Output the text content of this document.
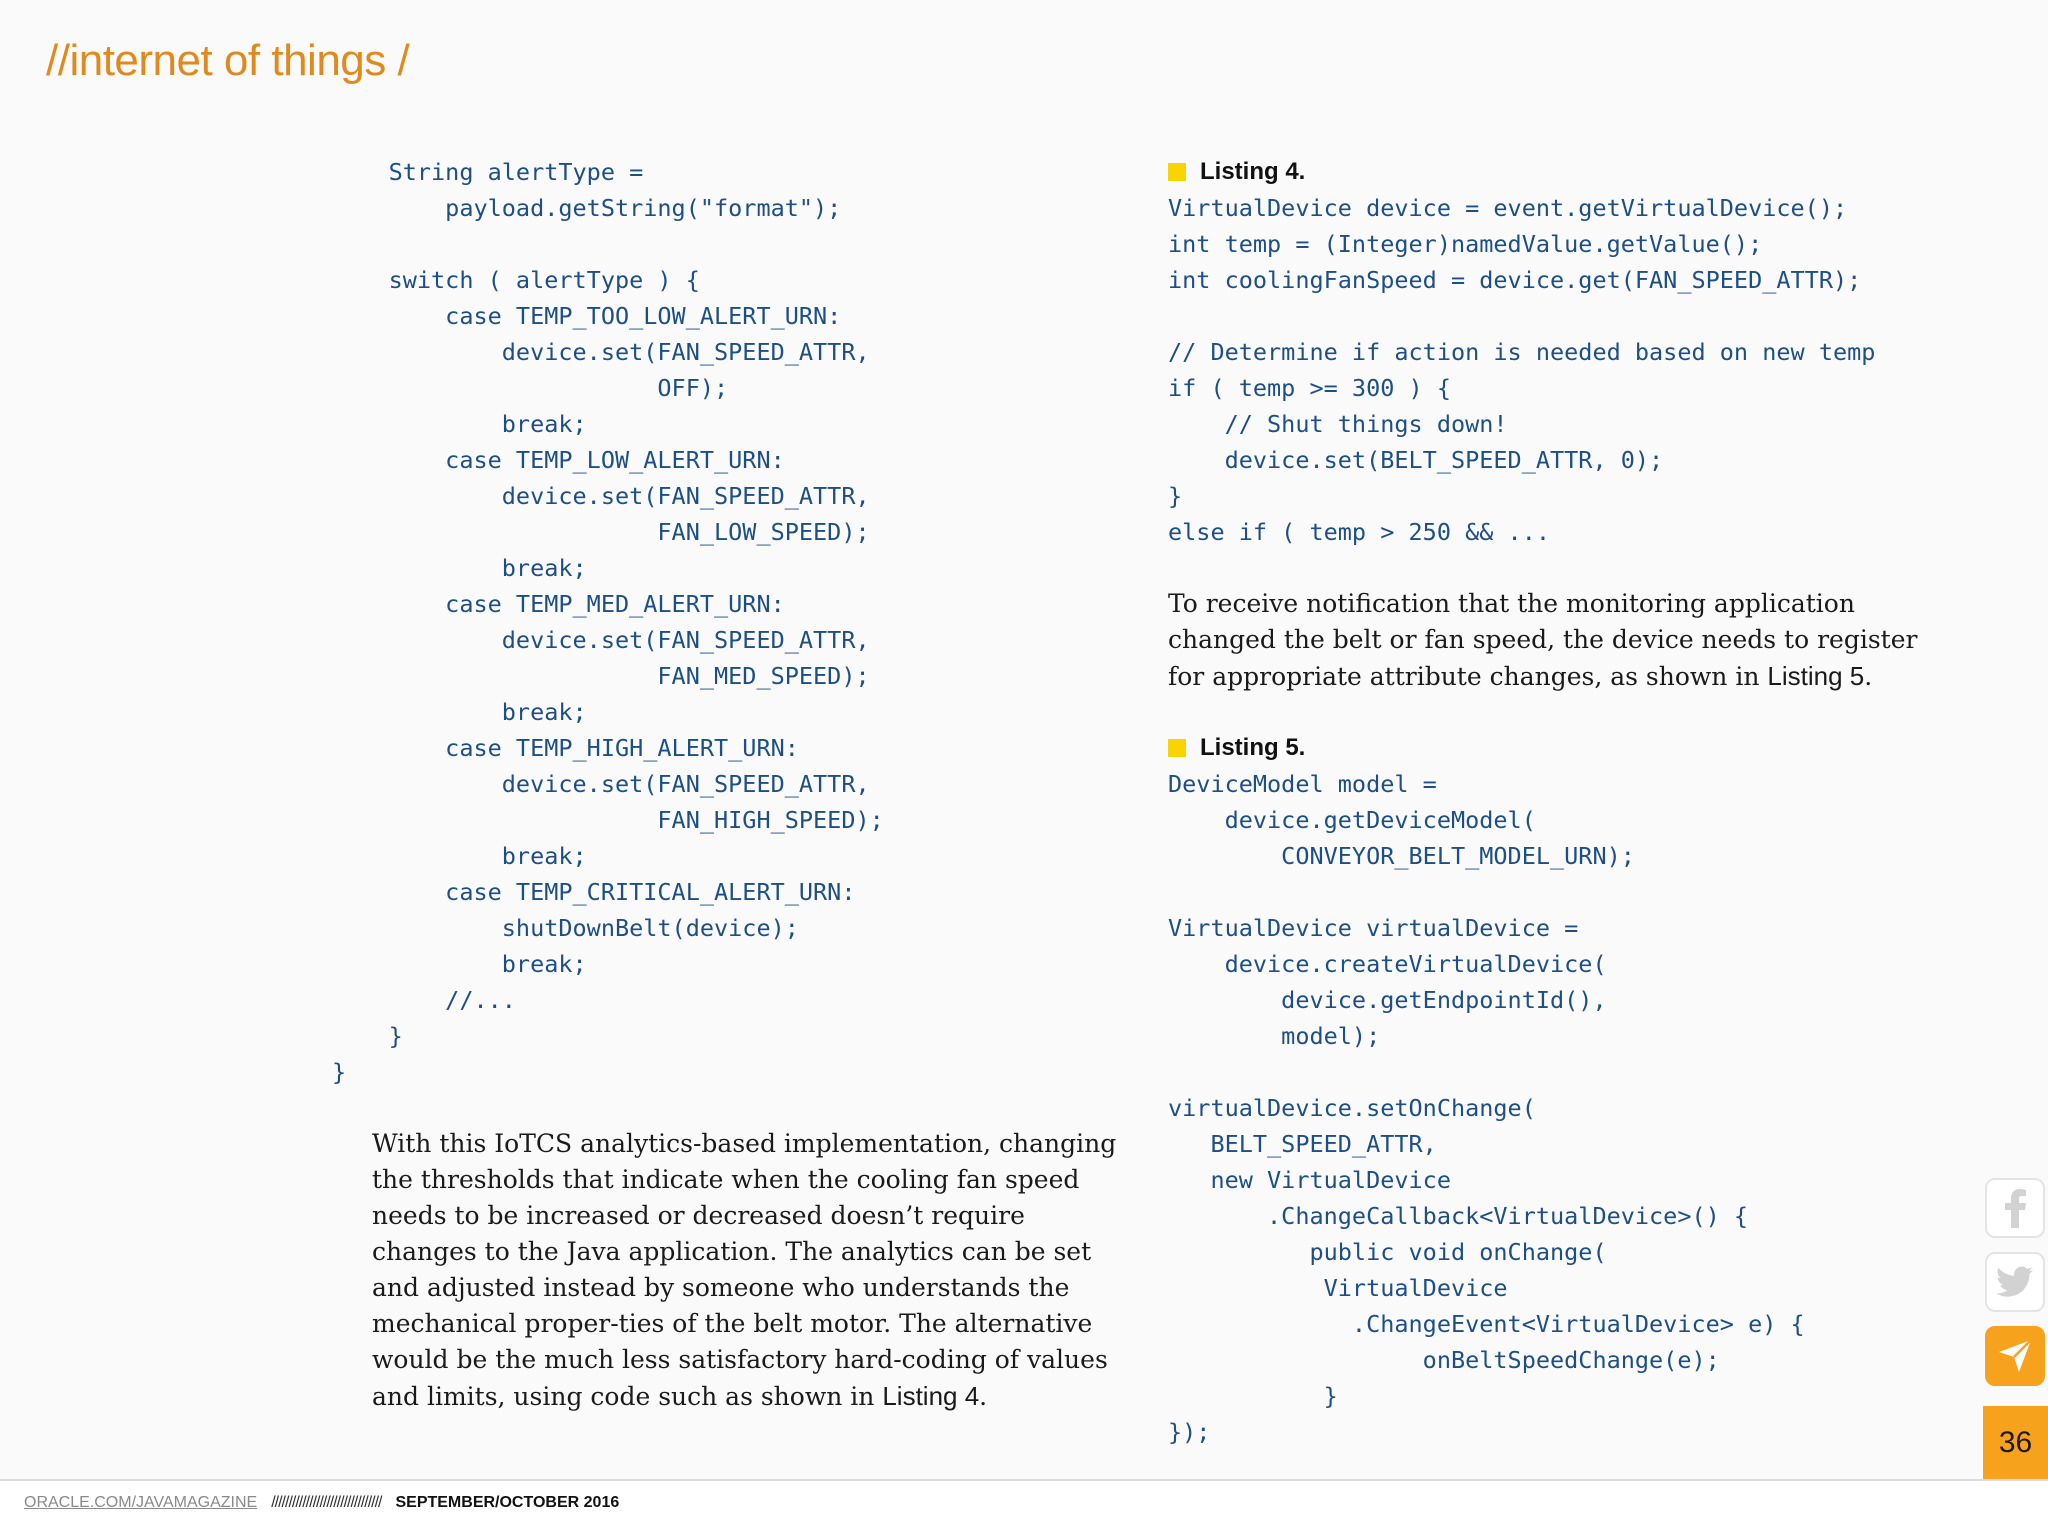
//internet of things /
String alertType =
payload.getString("format");

switch ( alertType ) {
case TEMP_TOO_LOW_ALERT_URN:
device.set(FAN_SPEED_ATTR,
OFF);
break;
case TEMP_LOW_ALERT_URN:
device.set(FAN_SPEED_ATTR,
FAN_LOW_SPEED);
break;
case TEMP_MED_ALERT_URN:
device.set(FAN_SPEED_ATTR,
FAN_MED_SPEED);
break;
case TEMP_HIGH_ALERT_URN:
device.set(FAN_SPEED_ATTR,
FAN_HIGH_SPEED);
break;
case TEMP_CRITICAL_ALERT_URN:
shutDownBelt(device);
break;
//...
}
}

With this IoTCS analytics-based implementation, changing the thresholds that indicate when the cooling fan speed needs to be increased or decreased doesn’t require changes to the Java application. The analytics can be set and adjusted instead by someone who understands the mechanical proper-ties of the belt motor. The alternative would be the much less satisfactory hard-coding of values and limits, using code such as shown in Listing 4.

Listing 4.
VirtualDevice device = event.getVirtualDevice();
int temp = (Integer)namedValue.getValue();
int coolingFanSpeed = device.get(FAN_SPEED_ATTR);

// Determine if action is needed based on new temp
if ( temp >= 300 ) {
// Shut things down!
device.set(BELT_SPEED_ATTR, 0);
}
else if ( temp > 250 && ...

To receive notification that the monitoring application changed the belt or fan speed, the device needs to register for appropriate attribute changes, as shown in Listing 5.

Listing 5.
DeviceModel model =
device.getDeviceModel(
CONVEYOR_BELT_MODEL_URN);

VirtualDevice virtualDevice =
device.createVirtualDevice(
device.getEndpointId(),
model);

virtualDevice.setOnChange(
BELT_SPEED_ATTR,
new VirtualDevice
.ChangeCallback<VirtualDevice>() {
public void onChange(
VirtualDevice
.ChangeEvent<VirtualDevice> e) {
onBeltSpeedChange(e);
}
});	36
ORACLE.COM/JAVAMAGAZINE //////////////////////////////// SEPTEMBER/OCTOBER 2016
